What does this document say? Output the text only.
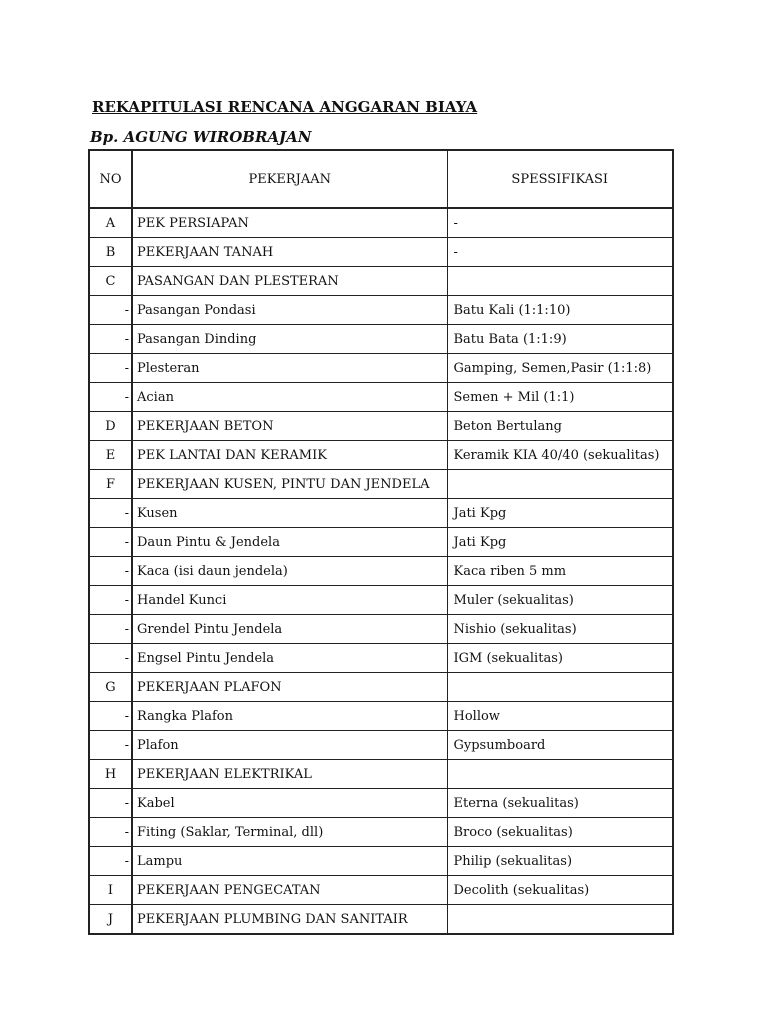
REKAPITULASI RENCANA ANGGARAN BIAYA
Bp. AGUNG WIROBRAJAN
NO	PEKERJAAN	SPESSIFIKASI
A	PEK PERSIAPAN	-
B	PEKERJAAN TANAH	-
C	PASANGAN DAN PLESTERAN	
-	Pasangan Pondasi	Batu Kali (1:1:10)
-	Pasangan Dinding	Batu Bata (1:1:9)
-	Plesteran	Gamping, Semen,Pasir (1:1:8)
-	Acian	Semen + Mil (1:1)
D	PEKERJAAN BETON	Beton Bertulang
E	PEK LANTAI DAN KERAMIK	Keramik KIA 40/40 (sekualitas)
F	PEKERJAAN KUSEN, PINTU DAN JENDELA	
-	Kusen	Jati Kpg
-	Daun Pintu & Jendela	Jati Kpg
-	Kaca (isi daun jendela)	Kaca riben 5 mm
-	Handel Kunci	Muler (sekualitas)
-	Grendel Pintu Jendela	Nishio (sekualitas)
-	Engsel Pintu Jendela	IGM (sekualitas)
G	PEKERJAAN PLAFON	
-	Rangka Plafon	Hollow
-	Plafon	Gypsumboard
H	PEKERJAAN ELEKTRIKAL	
-	Kabel	Eterna (sekualitas)
-	Fiting (Saklar, Terminal, dll)	Broco (sekualitas)
-	Lampu	Philip (sekualitas)
I	PEKERJAAN PENGECATAN	Decolith (sekualitas)
J	PEKERJAAN PLUMBING DAN SANITAIR	
